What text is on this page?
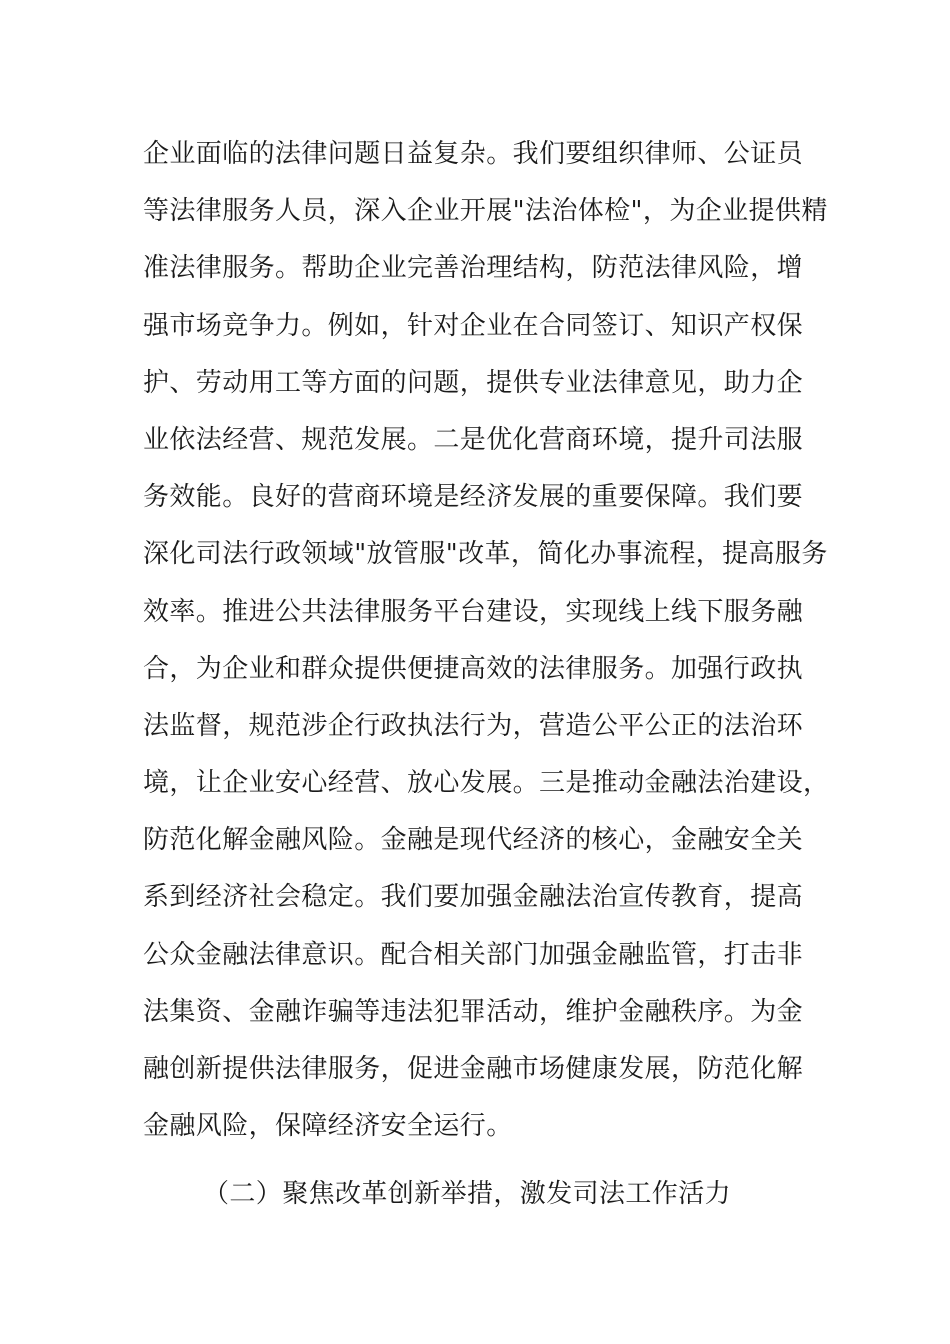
企业面临的法律问题日益复杂。我们要组织律师、公证员
等法律服务人员，深入企业开展"法治体检"，为企业提供精
准法律服务。帮助企业完善治理结构，防范法律风险，增
强市场竞争力。例如，针对企业在合同签订、知识产权保
护、劳动用工等方面的问题，提供专业法律意见，助力企
业依法经营、规范发展。二是优化营商环境，提升司法服
务效能。良好的营商环境是经济发展的重要保障。我们要
深化司法行政领域"放管服"改革，简化办事流程，提高服务
效率。推进公共法律服务平台建设，实现线上线下服务融
合，为企业和群众提供便捷高效的法律服务。加强行政执
法监督，规范涉企行政执法行为，营造公平公正的法治环
境，让企业安心经营、放心发展。三是推动金融法治建设，
防范化解金融风险。金融是现代经济的核心，金融安全关
系到经济社会稳定。我们要加强金融法治宣传教育，提高
公众金融法律意识。配合相关部门加强金融监管，打击非
法集资、金融诈骗等违法犯罪活动，维护金融秩序。为金
融创新提供法律服务，促进金融市场健康发展，防范化解
金融风险，保障经济安全运行。
（二）聚焦改革创新举措，激发司法工作活力
